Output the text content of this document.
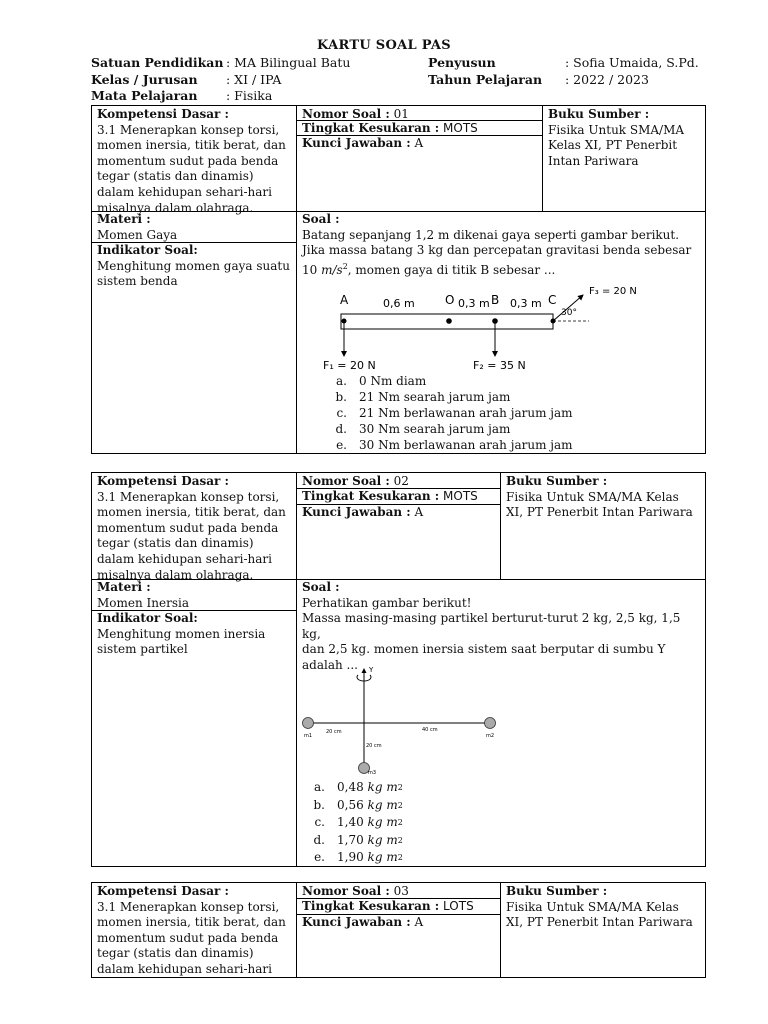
KARTU SOAL PAS
Satuan Pendidikan : MA Bilingual Batu
Kelas / Jurusan : XI / IPA
Mata Pelajaran : Fisika
Penyusun	: Sofia Umaida, S.Pd.
Tahun Pelajaran : 2022 / 2023
Kompetensi Dasar :
3.1 Menerapkan konsep torsi,
momen inersia, titik berat, dan
momentum sudut pada benda
tegar (statis dan dinamis)
dalam kehidupan sehari-hari
misalnya dalam olahraga.
Nomor Soal : 01
Tingkat Kesukaran : MOTS
Kunci Jawaban : A
Buku Sumber :
Fisika Untuk SMA/MA
Kelas XI, PT Penerbit
Intan Pariwara
Materi :
Momen Gaya
Indikator Soal:
Menghitung momen gaya suatu
sistem benda
Soal :
Batang sepanjang 1,2 m dikenai gaya seperti gambar berikut.
Jika massa batang 3 kg dan percepatan gravitasi benda sebesar
10 $m/s^2$, momen gaya di titik B sebesar ...
A	0,6 m	O 0,3 m B 0,3 m C
F₃ = 20 N
30°
F₁ = 20 N	F₂ = 35 N
a.	0 Nm diam
b.	21 Nm searah jarum jam
c.	21 Nm berlawanan arah jarum jam
d.	30 Nm searah jarum jam
e.	30 Nm berlawanan arah jarum jam
Kompetensi Dasar :
3.1 Menerapkan konsep torsi,
momen inersia, titik berat, dan
momentum sudut pada benda
tegar (statis dan dinamis)
dalam kehidupan sehari-hari
misalnya dalam olahraga.
Nomor Soal : 02
Tingkat Kesukaran : MOTS
Kunci Jawaban : A
Buku Sumber :
Fisika Untuk SMA/MA Kelas
XI, PT Penerbit Intan Pariwara
Materi :
Momen Inersia
Indikator Soal:
Menghitung momen inersia
sistem partikel
Soal :
Perhatikan gambar berikut!
Massa masing-masing partikel berturut-turut 2 kg, 2,5 kg, 1,5 kg,
dan 2,5 kg. momen inersia sistem saat berputar di sumbu Y
adalah ...	Y
m1	m2
m3
20 cm	40 cm
20 cm
a.	0,48
kg m 2
b.	0,56
kg m 2
c.	1,40
kg m 2
d.	1,70
kg m 2
e.	1,90
kg m 2
Kompetensi Dasar :
3.1 Menerapkan konsep torsi,
momen inersia, titik berat, dan
momentum sudut pada benda
tegar (statis dan dinamis)
dalam kehidupan sehari-hari
Nomor Soal : 03
Tingkat Kesukaran : LOTS
Kunci Jawaban : A
Buku Sumber :
Fisika Untuk SMA/MA Kelas
XI, PT Penerbit Intan Pariwara
